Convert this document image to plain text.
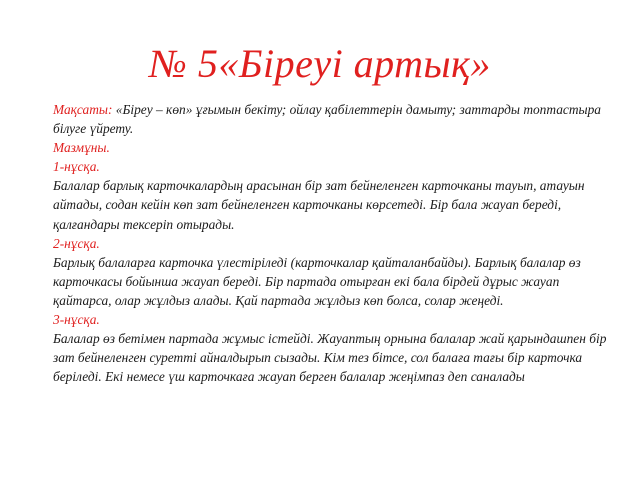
№ 5«Біреуі артық»

Мақсаты: «Біреу – көп» ұғымын бекіту; ойлау қабілеттерін дамыту; заттарды топтастыра білуге үйрету.

Мазмұны.

1-нұсқа.

Балалар барлық карточкалардың арасынан бір зат бейнеленген карточканы тауып, атауын айтады, содан кейін көп зат бейнеленген карточканы көрсетеді. Бір бала жауап береді, қалғандары тексеріп отырады.

2-нұсқа.

Барлық балаларға карточка үлестіріледі (карточкалар қайталанбайды). Барлық балалар өз карточкасы бойынша жауап береді. Бір партада отырған екі бала бірдей дұрыс жауап қайтарса, олар жұлдыз алады. Қай партада жұлдыз көп болса, солар жеңеді.

3-нұсқа.

Балалар өз бетімен партада жұмыс істейді. Жауаптың орнына балалар жай қарындашпен бір зат бейнеленген суретті айналдырып сызады. Кім тез бітсе, сол балаға тағы бір карточка беріледі. Екі немесе үш карточкаға жауап берген балалар жеңімпаз деп саналады
